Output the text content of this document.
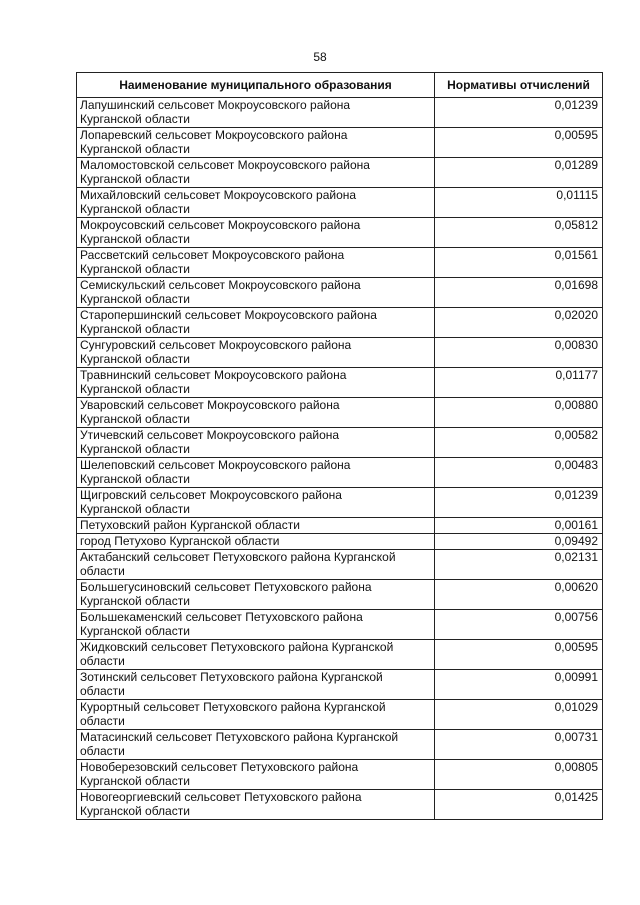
58
Наименование муниципального образования	Нормативы отчислений

Лапушинский сельсовет Мокроусовского района
Курганской области	0,01239

Лопаревский сельсовет Мокроусовского района
Курганской области	0,00595

Маломостовской сельсовет Мокроусовского района
Курганской области	0,01289

Михайловский сельсовет Мокроусовского района
Курганской области	0,01115

Мокроусовский сельсовет Мокроусовского района
Курганской области	0,05812

Рассветский сельсовет Мокроусовского района
Курганской области	0,01561

Семискульский сельсовет Мокроусовского района
Курганской области	0,01698

Старопершинский сельсовет Мокроусовского района
Курганской области	0,02020

Сунгуровский сельсовет Мокроусовского района
Курганской области	0,00830

Травнинский сельсовет Мокроусовского района
Курганской области	0,01177

Уваровский сельсовет Мокроусовского района
Курганской области	0,00880

Утичевский сельсовет Мокроусовского района
Курганской области	0,00582

Шелеповский сельсовет Мокроусовского района
Курганской области	0,00483

Щигровский сельсовет Мокроусовского района
Курганской области	0,01239

Петуховский район Курганской области	0,00161

город Петухово Курганской области	0,09492

Актабанский сельсовет Петуховского района Курганской
области	0,02131

Большегусиновский сельсовет Петуховского района
Курганской области	0,00620

Большекаменский сельсовет Петуховского района
Курганской области	0,00756

Жидковский сельсовет Петуховского района Курганской
области	0,00595

Зотинский сельсовет Петуховского района Курганской
области	0,00991

Курортный сельсовет Петуховского района Курганской
области	0,01029

Матасинский сельсовет Петуховского района Курганской
области	0,00731

Новоберезовский сельсовет Петуховского района
Курганской области	0,00805

Новогеоргиевский сельсовет Петуховского района
Курганской области	0,01425
